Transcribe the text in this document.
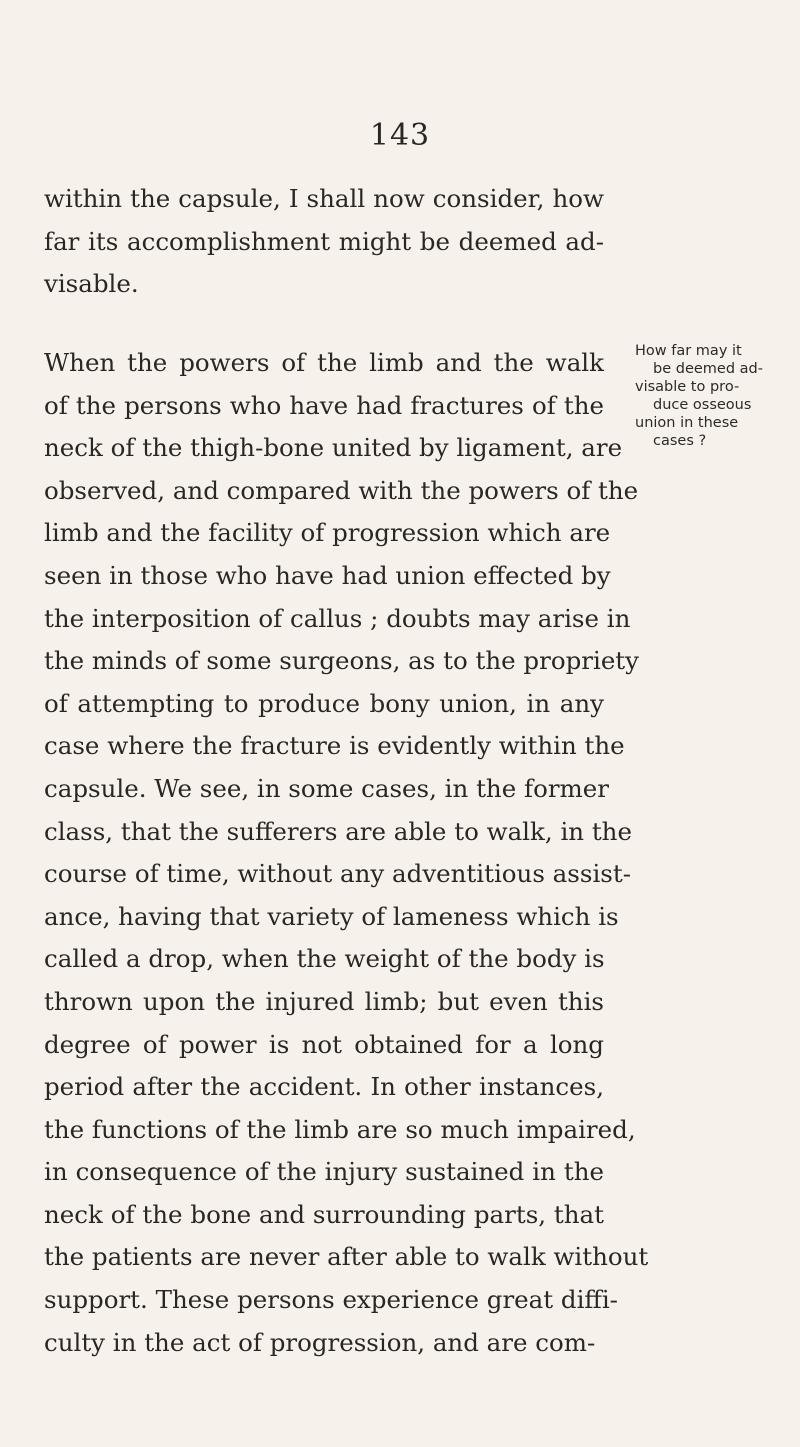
143
within the capsule, I shall now consider, how
far its accomplishment might be deemed ad-
visable.
When the powers of the limb and the walk
of the persons who have had fractures of the
neck of the thigh-bone united by ligament, are
observed, and compared with the powers of the
limb and the facility of progression which are
seen in those who have had union effected by
the interposition of callus ; doubts may arise in
the minds of some surgeons, as to the propriety
of attempting to produce bony union, in any
case where the fracture is evidently within the
capsule. We see, in some cases, in the former
class, that the sufferers are able to walk, in the
course of time, without any adventitious assist-
ance, having that variety of lameness which is
called a drop, when the weight of the body is
thrown upon the injured limb; but even this
degree of power is not obtained for a long
period after the accident. In other instances,
the functions of the limb are so much impaired,
in consequence of the injury sustained in the
neck of the bone and surrounding parts, that
the patients are never after able to walk without
support. These persons experience great diffi-
culty in the act of progression, and are com-
How far may it
be deemed ad-
visable to pro-
duce osseous
union in these
cases ?
